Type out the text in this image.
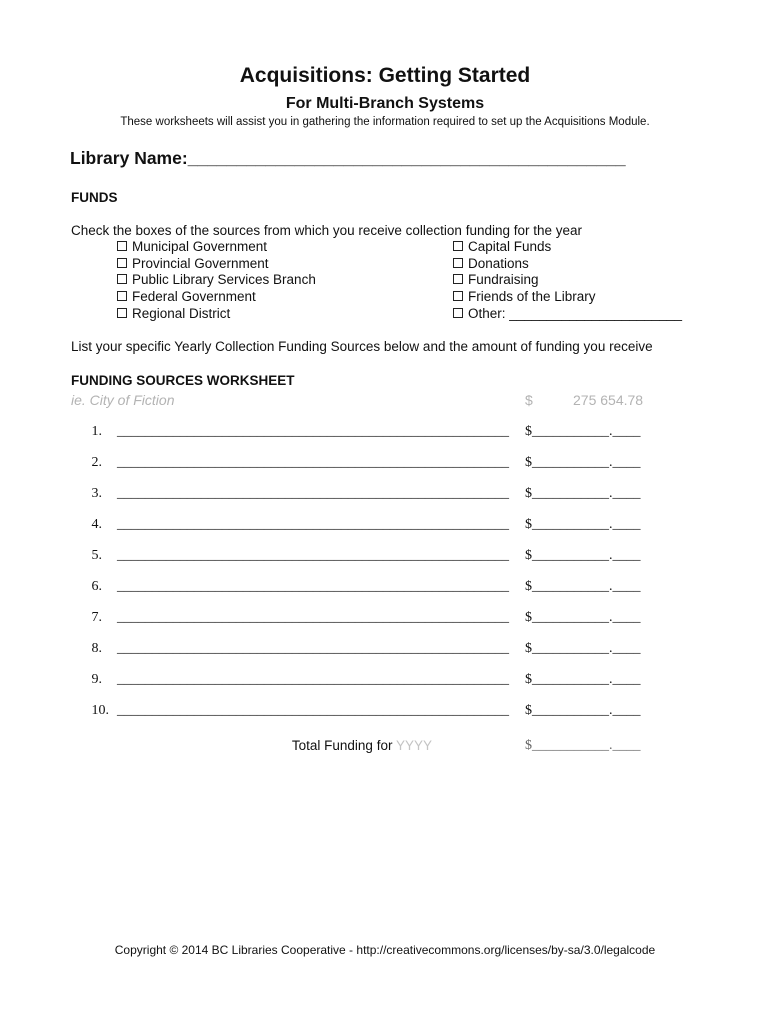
Acquisitions: Getting Started
For Multi-Branch Systems
These worksheets will assist you in gathering the information required to set up the Acquisitions Module.
Library Name:_____________________________________________
FUNDS
Check the boxes of the sources from which you receive collection funding for the year
Municipal Government
Provincial Government
Public Library Services Branch
Federal Government
Regional District
Capital Funds
Donations
Fundraising
Friends of the Library
Other: _______________________
List your specific Yearly Collection Funding Sources below and the amount of funding you receive
FUNDING SOURCES WORKSHEET
ie. City of Fiction	$	275 654.78
1. ________________________________________________________ $___________.____
2. ________________________________________________________ $___________.____
3. ________________________________________________________ $___________.____
4. ________________________________________________________ $___________.____
5. ________________________________________________________ $___________.____
6. ________________________________________________________ $___________.____
7. ________________________________________________________ $___________.____
8. ________________________________________________________ $___________.____
9. ________________________________________________________ $___________.____
10. ________________________________________________________ $___________.____
Total Funding for YYYY	$___________.____
Copyright © 2014 BC Libraries Cooperative - http://creativecommons.org/licenses/by-sa/3.0/legalcode
